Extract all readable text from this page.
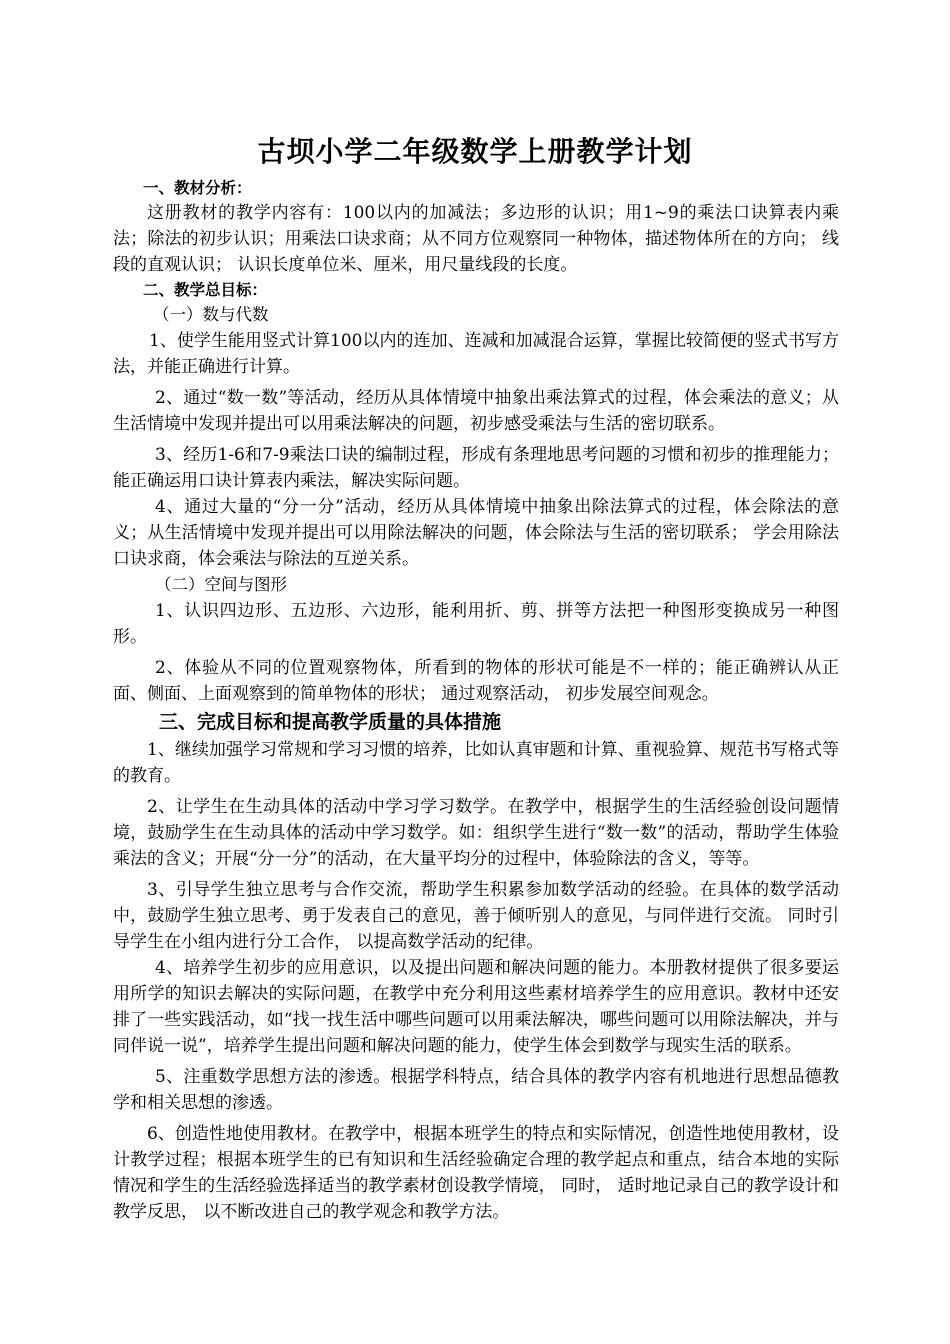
古坝小学二年级数学上册教学计划

一、教材分析：

这册教材的教学内容有：100以内的加减法；多边形的认识；用1~9的乘法口诀算表内乘法；除法的初步认识；用乘法口诀求商；从不同方位观察同一种物体，描述物体所在的方向； 线段的直观认识； 认识长度单位米、厘米，用尺量线段的长度。

二、教学总目标：

（一）数与代数

1、使学生能用竖式计算100以内的连加、连减和加减混合运算，掌握比较简便的竖式书写方法，并能正确进行计算。

2、通过“数一数”等活动，经历从具体情境中抽象出乘法算式的过程，体会乘法的意义；从生活情境中发现并提出可以用乘法解决的问题，初步感受乘法与生活的密切联系。

3、经历1-6和7-9乘法口诀的编制过程，形成有条理地思考问题的习惯和初步的推理能力； 能正确运用口诀计算表内乘法，解决实际问题。

4、通过大量的“分一分”活动，经历从具体情境中抽象出除法算式的过程，体会除法的意义；从生活情境中发现并提出可以用除法解决的问题，体会除法与生活的密切联系； 学会用除法口诀求商，体会乘法与除法的互逆关系。

（二）空间与图形

1、认识四边形、五边形、六边形，能利用折、剪、拼等方法把一种图形变换成另一种图形。

2、体验从不同的位置观察物体，所看到的物体的形状可能是不一样的；能正确辨认从正面、侧面、上面观察到的简单物体的形状； 通过观察活动， 初步发展空间观念。

三、完成目标和提高教学质量的具体措施

1、继续加强学习常规和学习习惯的培养，比如认真审题和计算、重视验算、规范书写格式等的教育。

2、让学生在生动具体的活动中学习学习数学。在教学中，根据学生的生活经验创设问题情境，鼓励学生在生动具体的活动中学习数学。如：组织学生进行“数一数”的活动，帮助学生体验乘法的含义；开展“分一分”的活动，在大量平均分的过程中，体验除法的含义，等等。

3、引导学生独立思考与合作交流，帮助学生积累参加数学活动的经验。在具体的数学活动中，鼓励学生独立思考、勇于发表自己的意见，善于倾听别人的意见，与同伴进行交流。 同时引导学生在小组内进行分工合作， 以提高数学活动的纪律。

4、培养学生初步的应用意识，以及提出问题和解决问题的能力。本册教材提供了很多要运用所学的知识去解决的实际问题，在教学中充分利用这些素材培养学生的应用意识。教材中还安排了一些实践活动，如“找一找生活中哪些问题可以用乘法解决，哪些问题可以用除法解决，并与同伴说一说”，培养学生提出问题和解决问题的能力，使学生体会到数学与现实生活的联系。

5、注重数学思想方法的渗透。根据学科特点，结合具体的教学内容有机地进行思想品德教学和相关思想的渗透。

6、创造性地使用教材。在教学中，根据本班学生的特点和实际情况，创造性地使用教材，设计教学过程；根据本班学生的已有知识和生活经验确定合理的教学起点和重点，结合本地的实际情况和学生的生活经验选择适当的教学素材创设教学情境， 同时， 适时地记录自己的教学设计和教学反思， 以不断改进自己的教学观念和教学方法。
